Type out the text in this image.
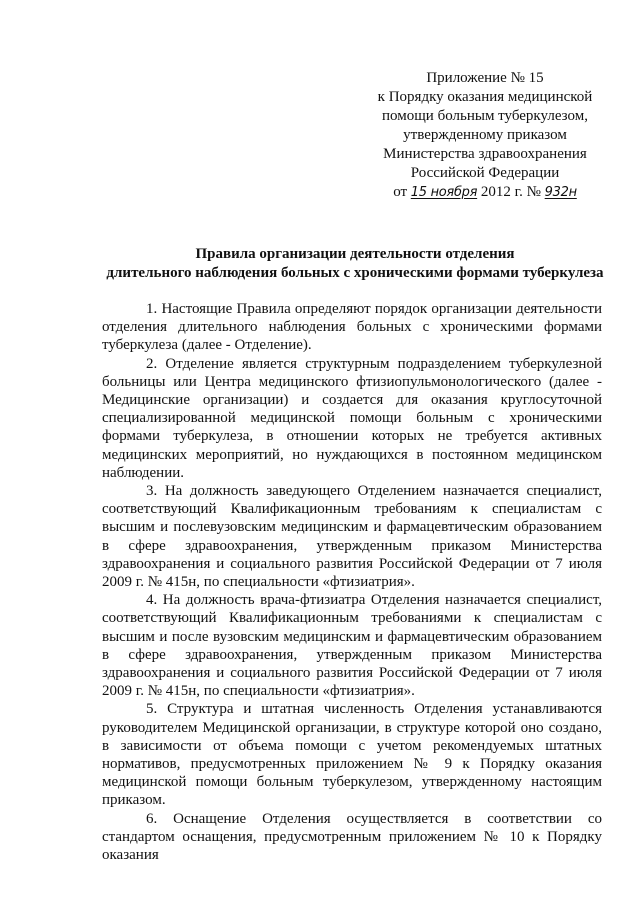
Приложение № 15
к Порядку оказания медицинской
помощи больным туберкулезом,
утвержденному приказом
Министерства здравоохранения
Российской Федерации
от 15 ноября 2012 г. № 932н
Правила организации деятельности отделения
длительного наблюдения больных с хроническими формами туберкулеза

1. Настоящие Правила определяют порядок организации деятельности отделения длительного наблюдения больных с хроническими формами туберкулеза (далее - Отделение).

2. Отделение является структурным подразделением туберкулезной больницы или Центра медицинского фтизиопульмонологического (далее - Медицинские организации) и создается для оказания круглосуточной специализированной медицинской помощи больным с хроническими формами туберкулеза, в отношении которых не требуется активных медицинских мероприятий, но нуждающихся в постоянном медицинском наблюдении.

3. На должность заведующего Отделением назначается специалист, соответствующий Квалификационным требованиям к специалистам с высшим и послевузовским медицинским и фармацевтическим образованием в сфере здравоохранения, утвержденным приказом Министерства здравоохранения и социального развития Российской Федерации от 7 июля 2009 г. № 415н, по специальности «фтизиатрия».

4. На должность врача-фтизиатра Отделения назначается специалист, соответствующий Квалификационным требованиями к специалистам с высшим и после вузовским медицинским и фармацевтическим образованием в сфере здравоохранения, утвержденным приказом Министерства здравоохранения и социального развития Российской Федерации от 7 июля 2009 г. № 415н, по специальности «фтизиатрия».

5. Структура и штатная численность Отделения устанавливаются руководителем Медицинской организации, в структуре которой оно создано, в зависимости от объема помощи с учетом рекомендуемых штатных нормативов, предусмотренных приложением № 9 к Порядку оказания медицинской помощи больным туберкулезом, утвержденному настоящим приказом.

6. Оснащение Отделения осуществляется в соответствии со стандартом оснащения, предусмотренным приложением № 10 к Порядку оказания
